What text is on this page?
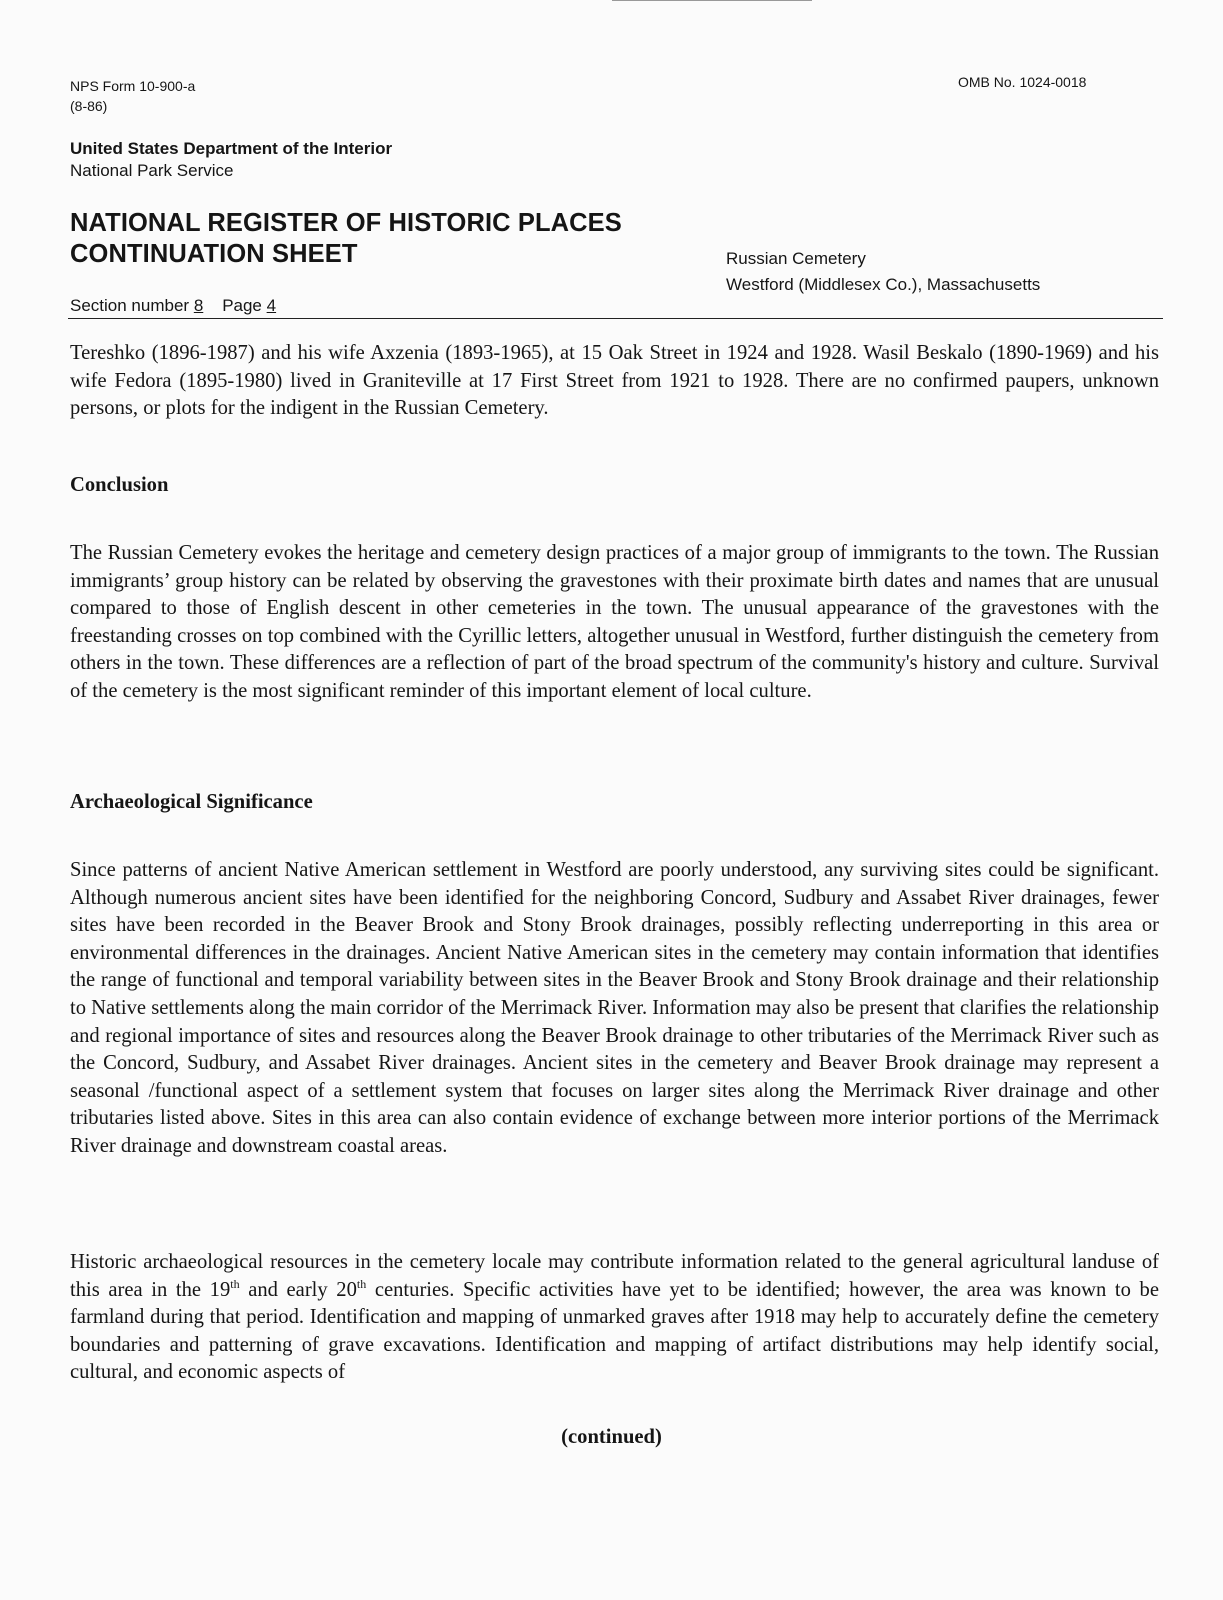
NPS Form 10-900-a
(8-86)
OMB No. 1024-0018
United States Department of the Interior
National Park Service
NATIONAL REGISTER OF HISTORIC PLACES
CONTINUATION SHEET	Russian Cemetery
Westford (Middlesex Co.), Massachusetts
Section number 8 Page 4

Tereshko (1896-1987) and his wife Axzenia (1893-1965), at 15 Oak Street in 1924 and 1928. Wasil Beskalo (1890-1969) and his wife Fedora (1895-1980) lived in Graniteville at 17 First Street from 1921 to 1928. There are no confirmed paupers, unknown persons, or plots for the indigent in the Russian Cemetery.

Conclusion

The Russian Cemetery evokes the heritage and cemetery design practices of a major group of immigrants to the town. The Russian immigrants’ group history can be related by observing the gravestones with their proximate birth dates and names that are unusual compared to those of English descent in other cemeteries in the town. The unusual appearance of the gravestones with the freestanding crosses on top combined with the Cyrillic letters, altogether unusual in Westford, further distinguish the cemetery from others in the town. These differences are a reflection of part of the broad spectrum of the community's history and culture. Survival of the cemetery is the most significant reminder of this important element of local culture.

Archaeological Significance

Since patterns of ancient Native American settlement in Westford are poorly understood, any surviving sites could be significant. Although numerous ancient sites have been identified for the neighboring Concord, Sudbury and Assabet River drainages, fewer sites have been recorded in the Beaver Brook and Stony Brook drainages, possibly reflecting underreporting in this area or environmental differences in the drainages. Ancient Native American sites in the cemetery may contain information that identifies the range of functional and temporal variability between sites in the Beaver Brook and Stony Brook drainage and their relationship to Native settlements along the main corridor of the Merrimack River. Information may also be present that clarifies the relationship and regional importance of sites and resources along the Beaver Brook drainage to other tributaries of the Merrimack River such as the Concord, Sudbury, and Assabet River drainages. Ancient sites in the cemetery and Beaver Brook drainage may represent a seasonal /functional aspect of a settlement system that focuses on larger sites along the Merrimack River drainage and other tributaries listed above. Sites in this area can also contain evidence of exchange between more interior portions of the Merrimack River drainage and downstream coastal areas.

Historic archaeological resources in the cemetery locale may contribute information related to the general agricultural landuse of this area in the 19th and early 20th centuries. Specific activities have yet to be identified; however, the area was known to be farmland during that period. Identification and mapping of unmarked graves after 1918 may help to accurately define the cemetery boundaries and patterning of grave excavations. Identification and mapping of artifact distributions may help identify social, cultural, and economic aspects of

(continued)
